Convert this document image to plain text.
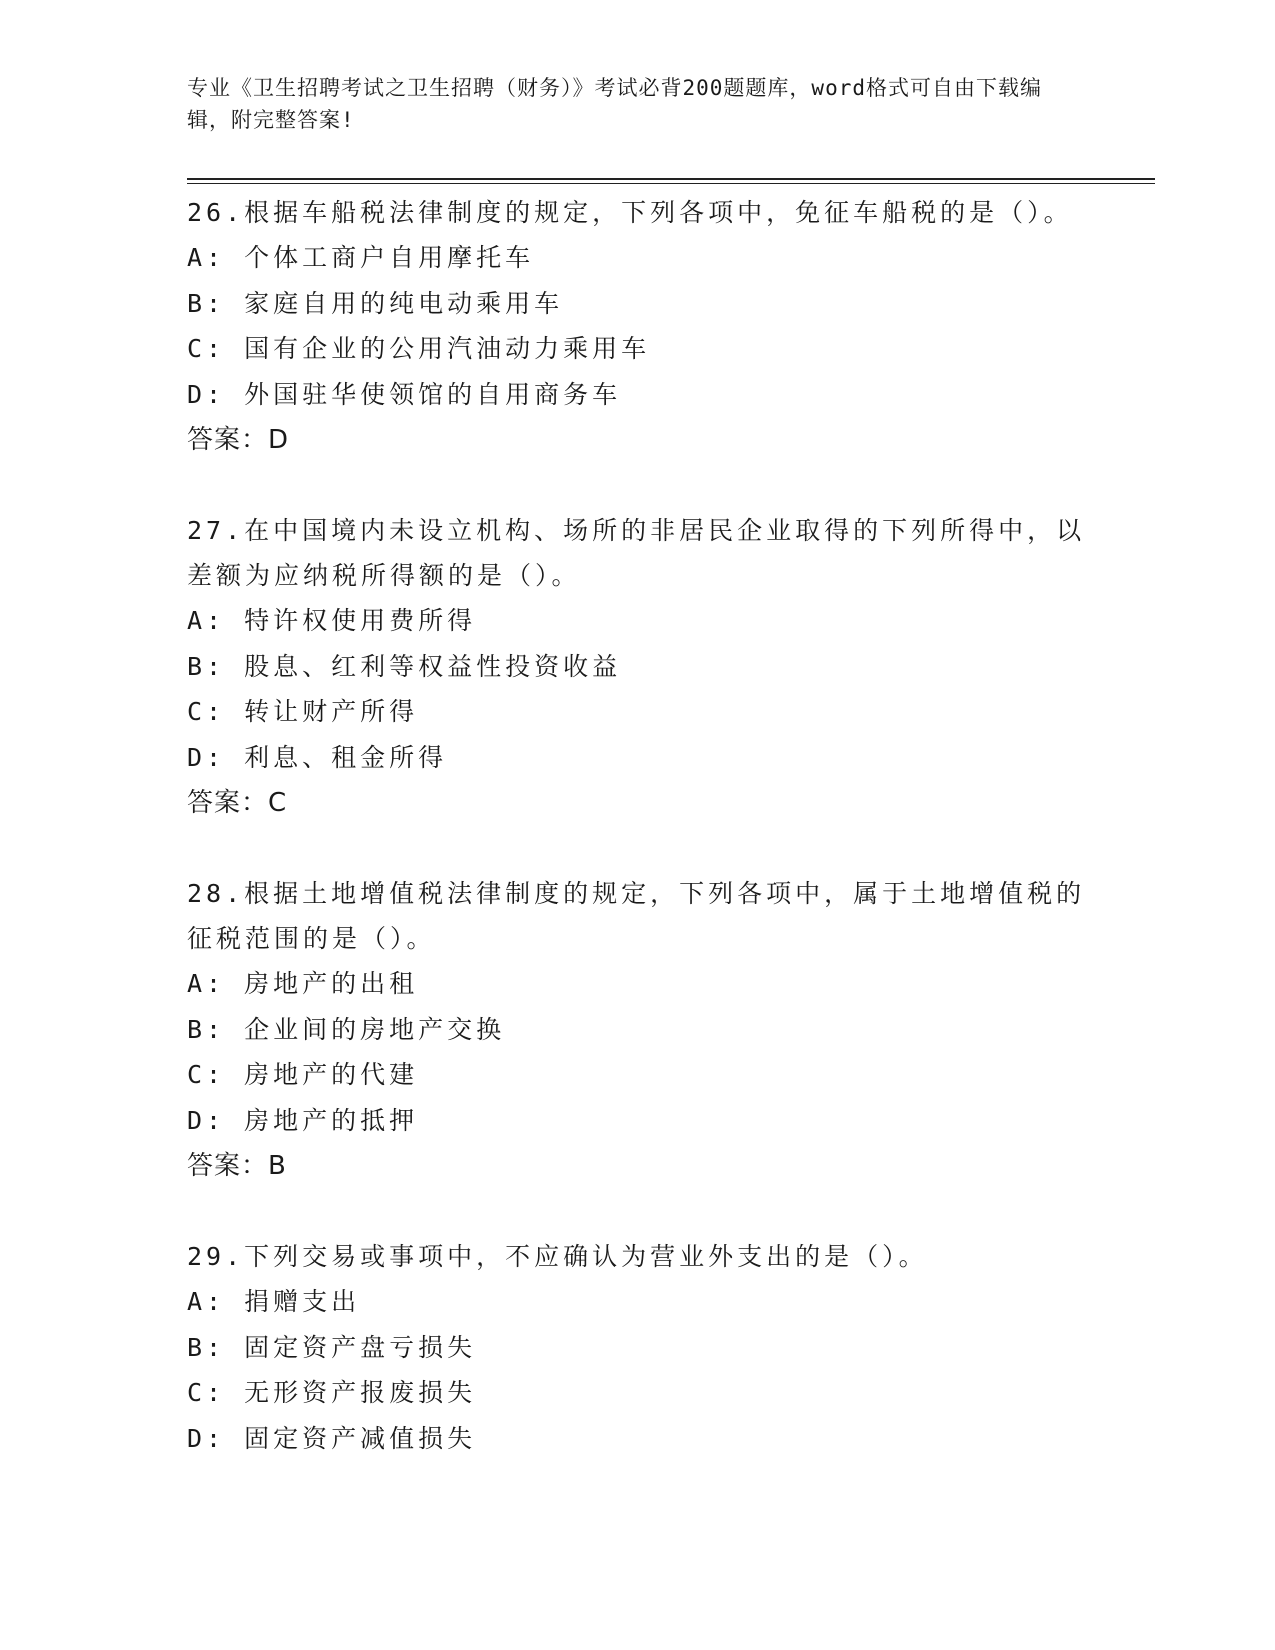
专业《卫生招聘考试之卫生招聘（财务）》考试必背200题题库，word格式可自由下载编辑，附完整答案!

26.根据车船税法律制度的规定，下列各项中，免征车船税的是（）。

A: 个体工商户自用摩托车

B: 家庭自用的纯电动乘用车

C: 国有企业的公用汽油动力乘用车

D: 外国驻华使领馆的自用商务车

答案：D

27.在中国境内未设立机构、场所的非居民企业取得的下列所得中，以差额为应纳税所得额的是（）。

A: 特许权使用费所得

B: 股息、红利等权益性投资收益

C: 转让财产所得

D: 利息、租金所得

答案：C

28.根据土地增值税法律制度的规定，下列各项中，属于土地增值税的征税范围的是（）。

A: 房地产的出租

B: 企业间的房地产交换

C: 房地产的代建

D: 房地产的抵押

答案：B

29.下列交易或事项中，不应确认为营业外支出的是（）。

A: 捐赠支出

B: 固定资产盘亏损失

C: 无形资产报废损失

D: 固定资产减值损失
